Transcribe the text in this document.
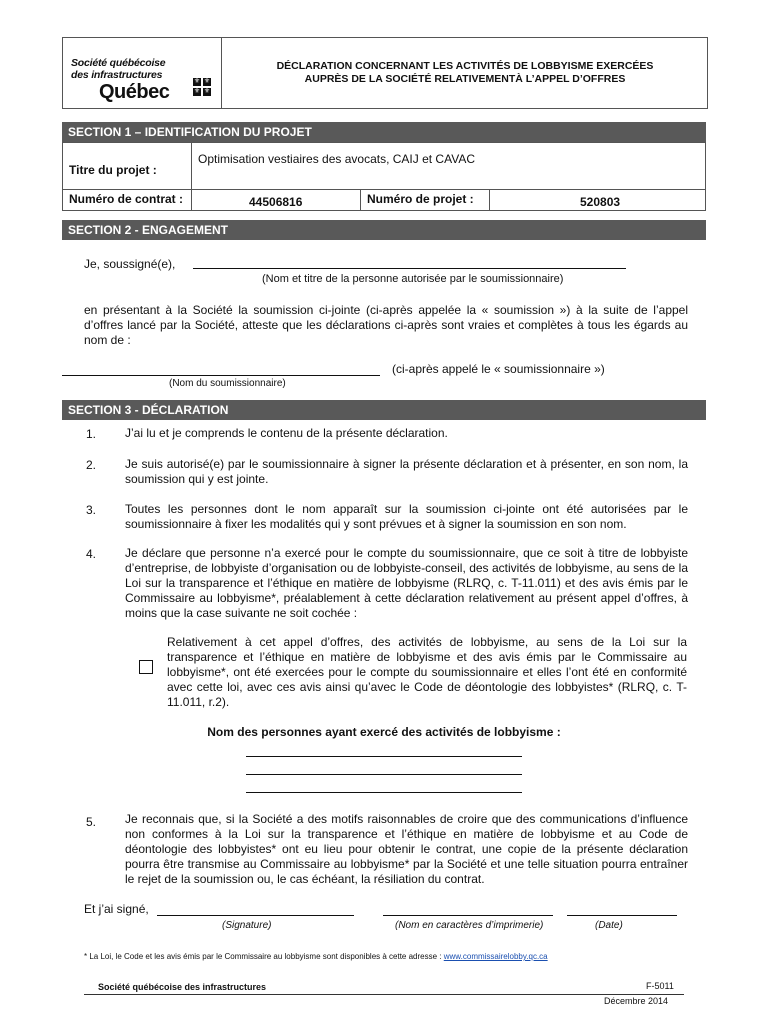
Société québécoise
des infrastructures
Québec	⚜ ⚜
⚜ ⚜
DÉCLARATION CONCERNANT LES ACTIVITÉS DE LOBBYISME EXERCÉES
AUPRÈS DE LA SOCIÉTÉ RELATIVEMENTÀ L’APPEL D’OFFRES
SECTION 1 – IDENTIFICATION DU PROJET
Titre du projet :
Optimisation vestiaires des avocats, CAIJ et CAVAC
Numéro de contrat :	44506816	Numéro de projet :	520803
SECTION 2 - ENGAGEMENT
Je, soussigné(e),
(Nom et titre de la personne autorisée par le soumissionnaire)
en présentant à la Société la soumission ci-jointe (ci-après appelée la « soumission ») à la suite de l’appel d’offres lancé par la Société, atteste que les déclarations ci-après sont vraies et complètes à tous les égards au nom de :
(ci-après appelé le « soumissionnaire »)
(Nom du soumissionnaire)
SECTION 3 - DÉCLARATION
1. J’ai lu et je comprends le contenu de la présente déclaration.
2. Je suis autorisé(e) par le soumissionnaire à signer la présente déclaration et à présenter, en son nom, la soumission qui y est jointe.
3. Toutes les personnes dont le nom apparaît sur la soumission ci-jointe ont été autorisées par le soumissionnaire à fixer les modalités qui y sont prévues et à signer la soumission en son nom.
4. Je déclare que personne n’a exercé pour le compte du soumissionnaire, que ce soit à titre de lobbyiste d’entreprise, de lobbyiste d’organisation ou de lobbyiste-conseil, des activités de lobbyisme, au sens de la Loi sur la transparence et l’éthique en matière de lobbyisme (RLRQ, c. T-11.011) et des avis émis par le Commissaire au lobbyisme*, préalablement à cette déclaration relativement au présent appel d’offres, à moins que la case suivante ne soit cochée :
Relativement à cet appel d’offres, des activités de lobbyisme, au sens de la Loi sur la transparence et l’éthique en matière de lobbyisme et des avis émis par le Commissaire au lobbyisme*, ont été exercées pour le compte du soumissionnaire et elles l’ont été en conformité avec cette loi, avec ces avis ainsi qu’avec le Code de déontologie des lobbyistes* (RLRQ, c. T-11.011, r.2).
Nom des personnes ayant exercé des activités de lobbyisme :
5. Je reconnais que, si la Société a des motifs raisonnables de croire que des communications d’influence non conformes à la Loi sur la transparence et l’éthique en matière de lobbyisme et au Code de déontologie des lobbyistes* ont eu lieu pour obtenir le contrat, une copie de la présente déclaration pourra être transmise au Commissaire au lobbyisme* par la Société et une telle situation pourra entraîner le rejet de la soumission ou, le cas échéant, la résiliation du contrat.
Et j’ai signé,
(Signature)	(Nom en caractères d’imprimerie)	(Date)
* La Loi, le Code et les avis émis par le Commissaire au lobbyisme sont disponibles à cette adresse : www.commissairelobby.qc.ca
Société québécoise des infrastructures	F-5011
Décembre 2014
